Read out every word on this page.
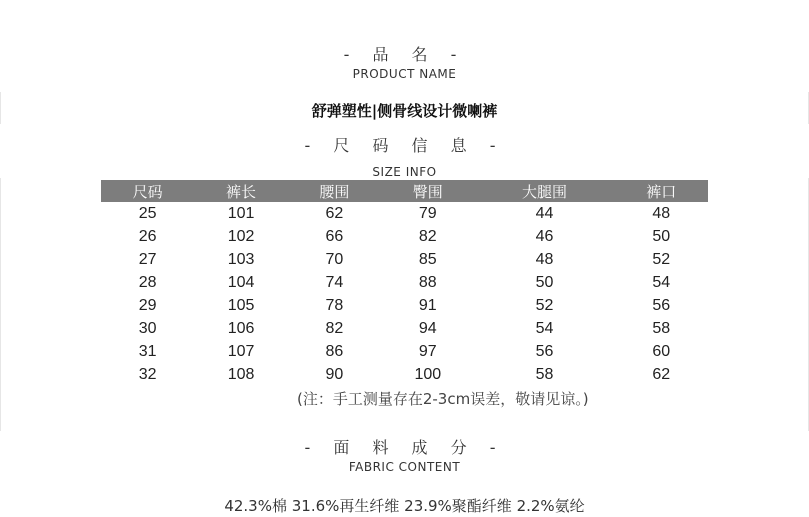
- 品 名 -
PRODUCT NAME
舒弹塑性|侧骨线设计微喇裤
- 尺 码 信 息 -
SIZE INFO
尺码	裤长	腰围	臀围	大腿围	裤口
25	101	62	79	44	48
26	102	66	82	46	50
27	103	70	85	48	52
28	104	74	88	50	54
29	105	78	91	52	56
30	106	82	94	54	58
31	107	86	97	56	60
32	108	90	100	58	62
(注：手工测量存在2-3cm误差，敬请见谅。)
- 面 料 成 分 -
FABRIC CONTENT
42.3%棉 31.6%再生纤维 23.9%聚酯纤维 2.2%氨纶
